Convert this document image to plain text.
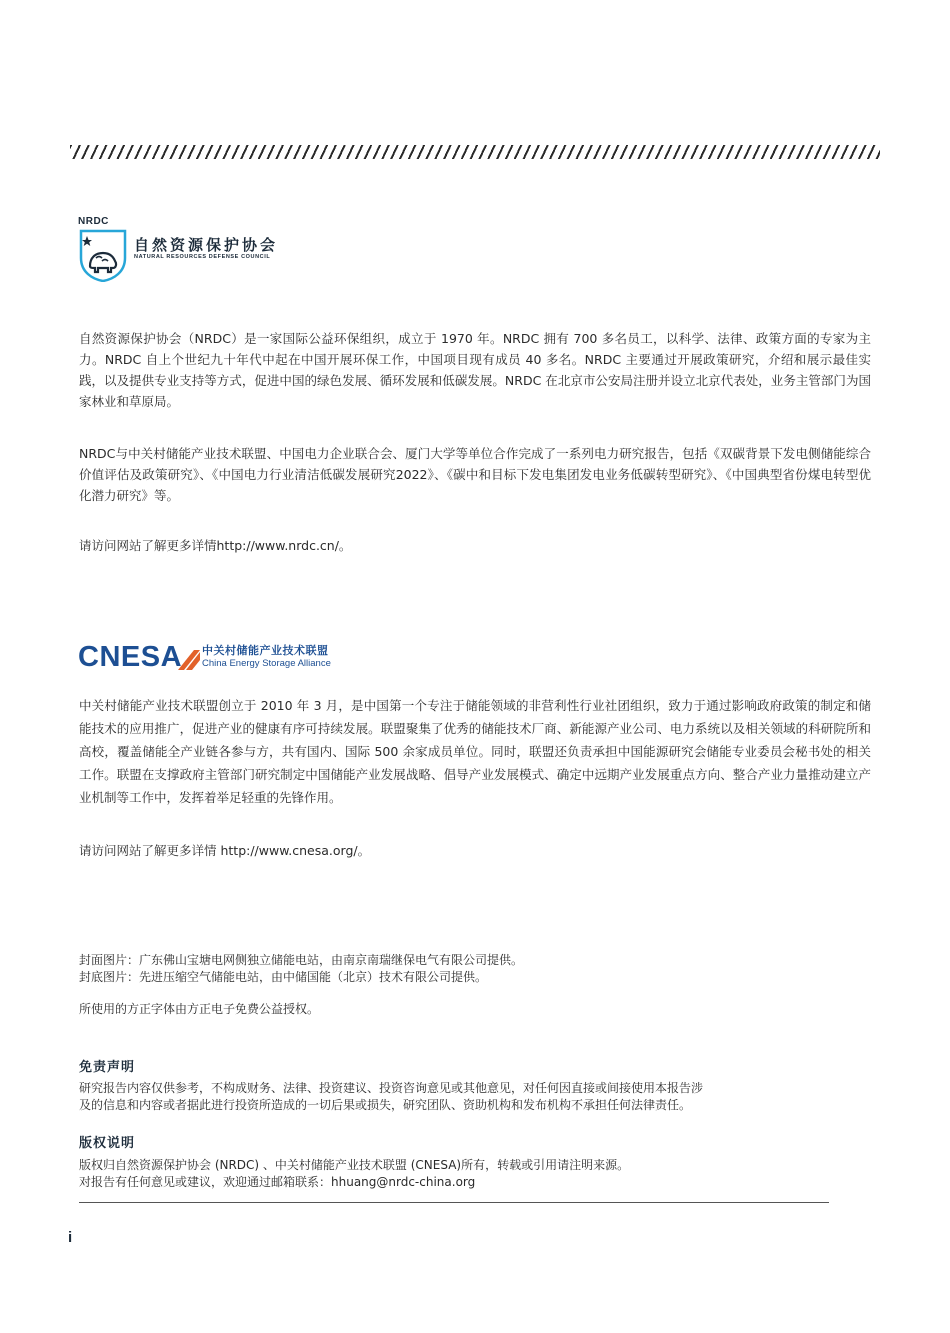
NRDC
自然资源保护协会
NATURAL RESOURCES DEFENSE COUNCIL

自然资源保护协会（NRDC）是一家国际公益环保组织，成立于 1970 年。NRDC 拥有 700 多名员工，以科学、法律、政策方面的专家为主力。NRDC 自上个世纪九十年代中起在中国开展环保工作，中国项目现有成员 40 多名。NRDC 主要通过开展政策研究，介绍和展示最佳实践，以及提供专业支持等方式，促进中国的绿色发展、循环发展和低碳发展。NRDC 在北京市公安局注册并设立北京代表处，业务主管部门为国家林业和草原局。

NRDC与中关村储能产业技术联盟、中国电力企业联合会、厦门大学等单位合作完成了一系列电力研究报告，包括《双碳背景下发电侧储能综合价值评估及政策研究》、《中国电力行业清洁低碳发展研究2022》、《碳中和目标下发电集团发电业务低碳转型研究》、《中国典型省份煤电转型优化潜力研究》等。

请访问网站了解更多详情http://www.nrdc.cn/。

CNESA 中关村储能产业技术联盟
China Energy Storage Alliance

中关村储能产业技术联盟创立于 2010 年 3 月，是中国第一个专注于储能领域的非营利性行业社团组织，致力于通过影响政府政策的制定和储能技术的应用推广，促进产业的健康有序可持续发展。联盟聚集了优秀的储能技术厂商、新能源产业公司、电力系统以及相关领域的科研院所和高校，覆盖储能全产业链各参与方，共有国内、国际 500 余家成员单位。同时，联盟还负责承担中国能源研究会储能专业委员会秘书处的相关工作。联盟在支撑政府主管部门研究制定中国储能产业发展战略、倡导产业发展模式、确定中远期产业发展重点方向、整合产业力量推动建立产业机制等工作中，发挥着举足轻重的先锋作用。

请访问网站了解更多详情 http://www.cnesa.org/。

封面图片：广东佛山宝塘电网侧独立储能电站，由南京南瑞继保电气有限公司提供。

封底图片：先进压缩空气储能电站，由中储国能（北京）技术有限公司提供。

所使用的方正字体由方正电子免费公益授权。

免责声明

研究报告内容仅供参考，不构成财务、法律、投资建议、投资咨询意见或其他意见，对任何因直接或间接使用本报告涉

及的信息和内容或者据此进行投资所造成的一切后果或损失，研究团队、资助机构和发布机构不承担任何法律责任。

版权说明

版权归自然资源保护协会 (NRDC) 、中关村储能产业技术联盟 (CNESA)所有，转载或引用请注明来源。

对报告有任何意见或建议，欢迎通过邮箱联系：hhuang@nrdc-china.org

i
